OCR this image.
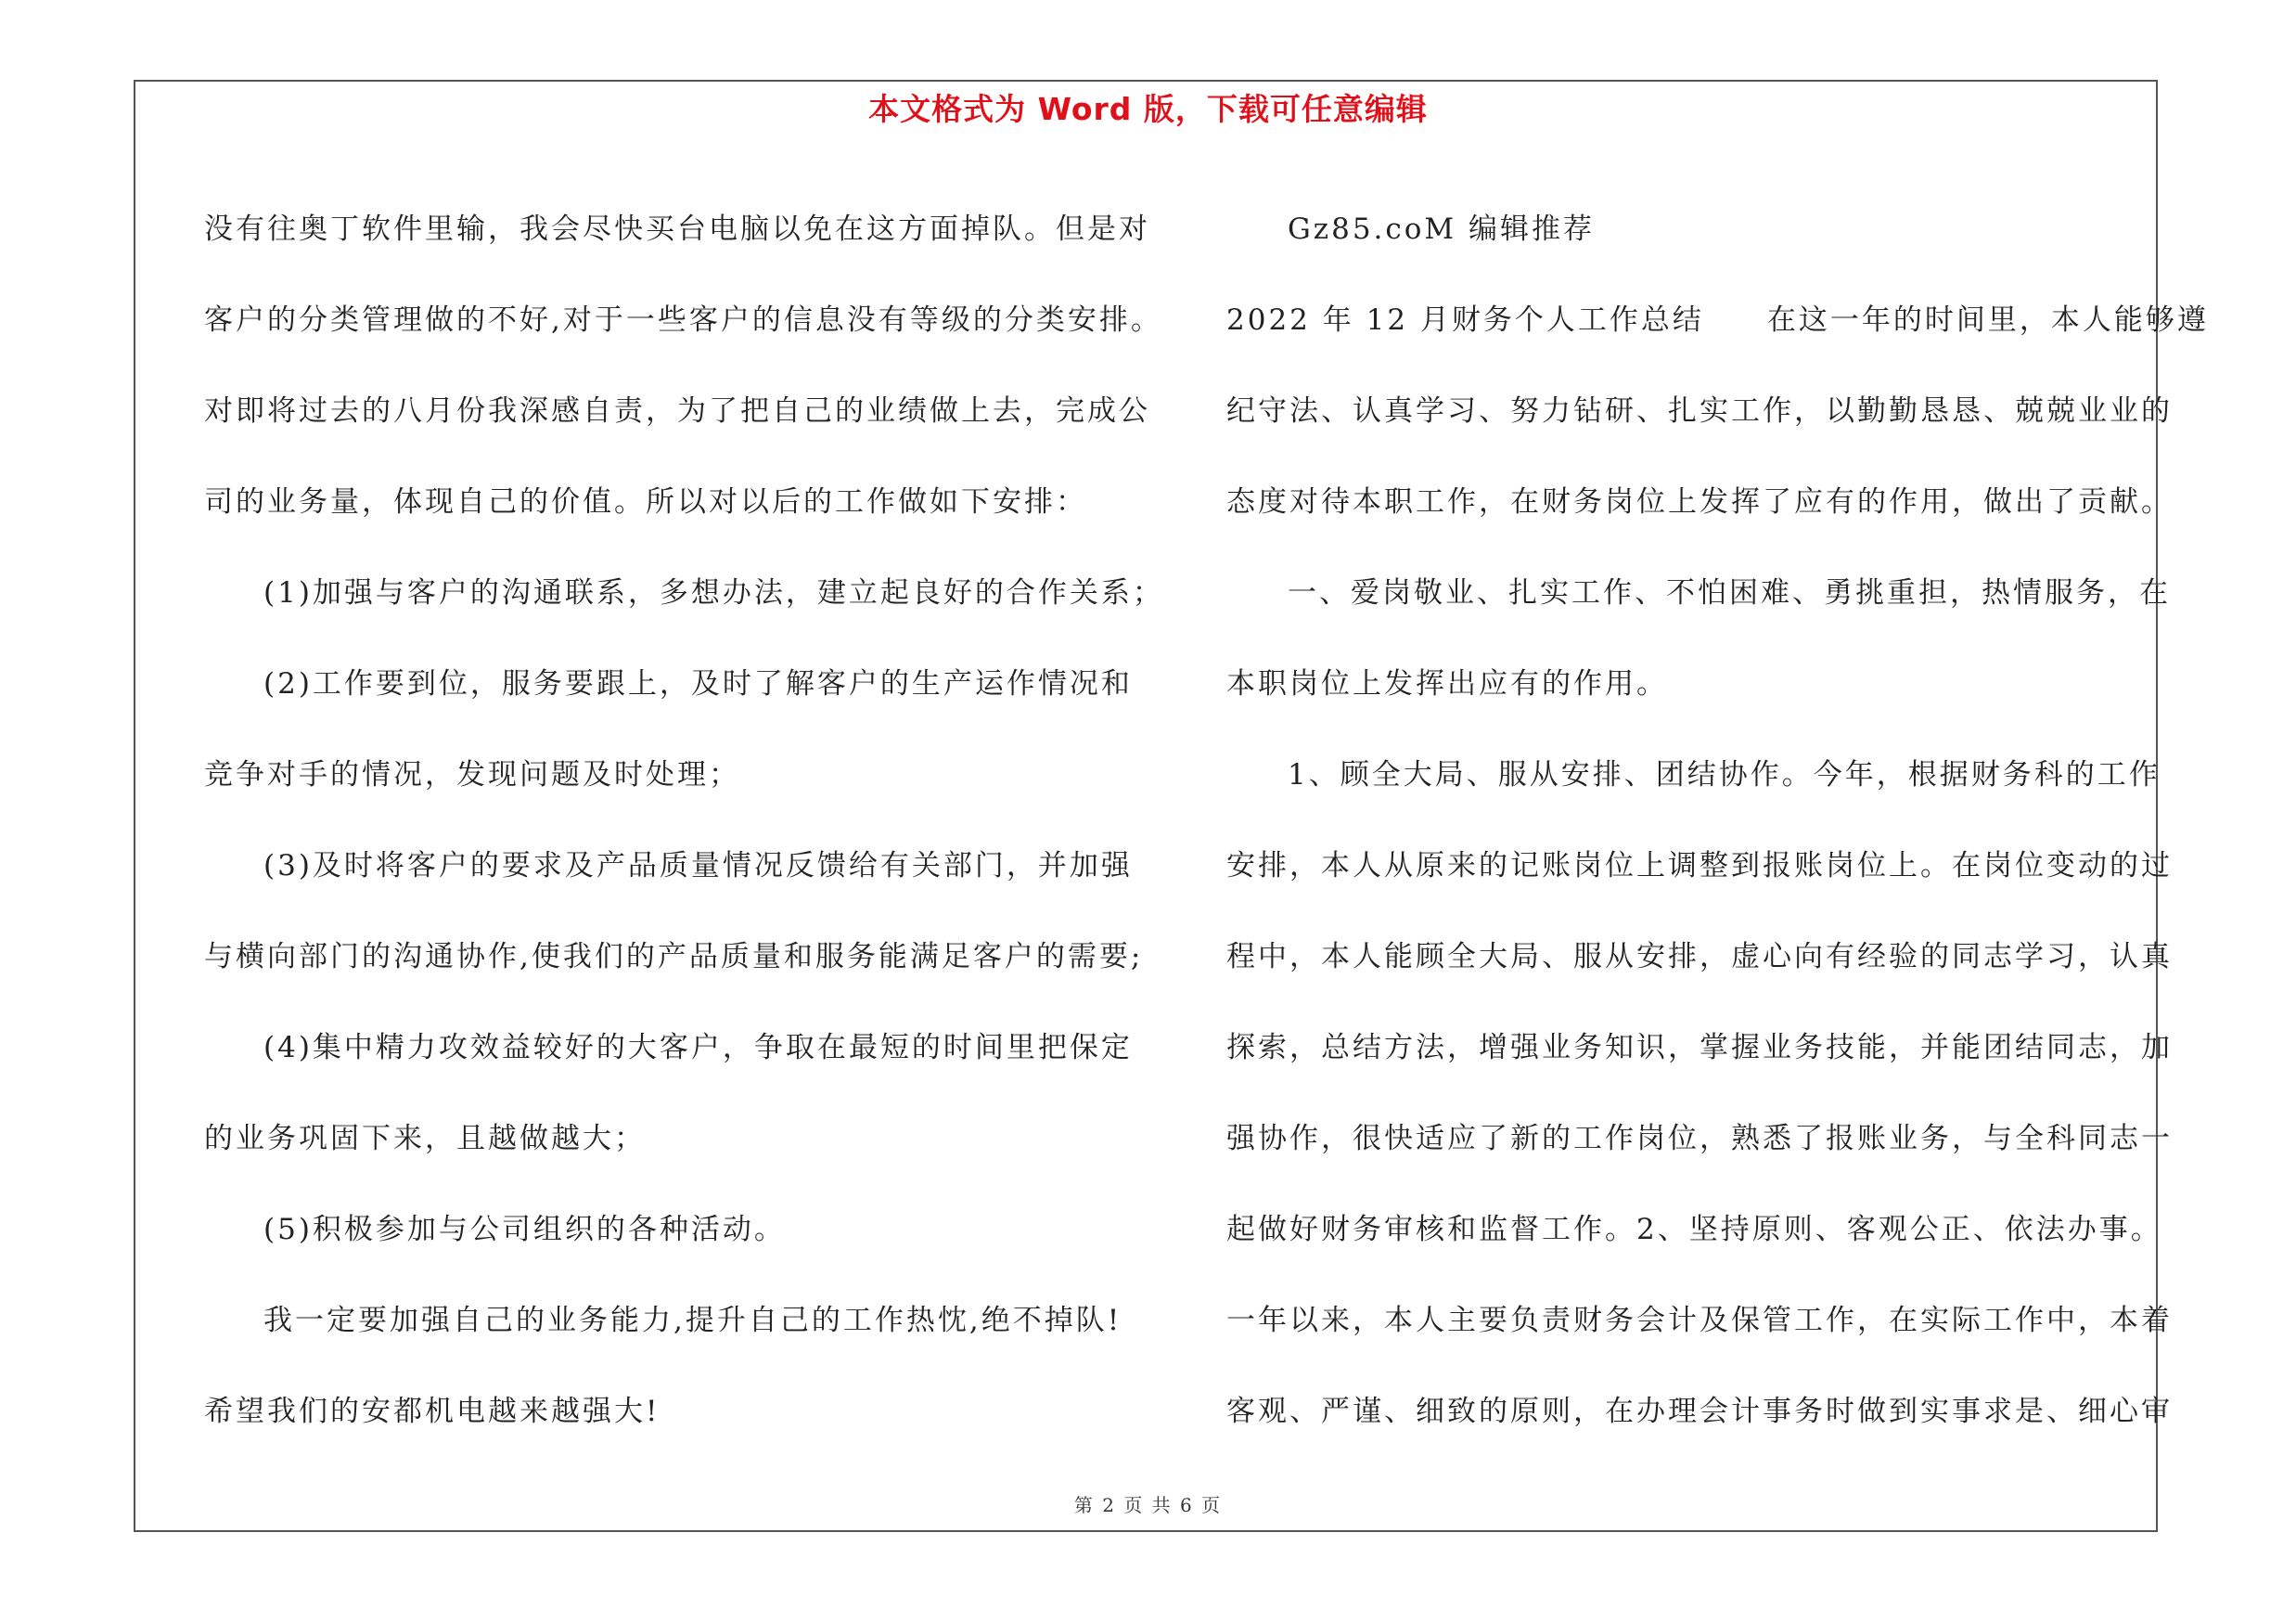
本文格式为 Word 版，下载可任意编辑
没有往奥丁软件里输，我会尽快买台电脑以免在这方面掉队。但是对
客户的分类管理做的不好,对于一些客户的信息没有等级的分类安排。
对即将过去的八月份我深感自责，为了把自己的业绩做上去，完成公
司的业务量，体现自己的价值。所以对以后的工作做如下安排：
(1)加强与客户的沟通联系，多想办法，建立起良好的合作关系；
(2)工作要到位，服务要跟上，及时了解客户的生产运作情况和
竞争对手的情况，发现问题及时处理；
(3)及时将客户的要求及产品质量情况反馈给有关部门，并加强
与横向部门的沟通协作,使我们的产品质量和服务能满足客户的需要;
(4)集中精力攻效益较好的大客户，争取在最短的时间里把保定
的业务巩固下来，且越做越大；
(5)积极参加与公司组织的各种活动。
我一定要加强自己的业务能力,提升自己的工作热忱,绝不掉队!
希望我们的安都机电越来越强大!
Gz85.coM 编辑推荐
2022 年 12 月财务个人工作总结　　在这一年的时间里，本人能够遵
纪守法、认真学习、努力钻研、扎实工作，以勤勤恳恳、兢兢业业的
态度对待本职工作，在财务岗位上发挥了应有的作用，做出了贡献。
一、爱岗敬业、扎实工作、不怕困难、勇挑重担，热情服务，在
本职岗位上发挥出应有的作用。
1、顾全大局、服从安排、团结协作。今年，根据财务科的工作
安排，本人从原来的记账岗位上调整到报账岗位上。在岗位变动的过
程中，本人能顾全大局、服从安排，虚心向有经验的同志学习，认真
探索，总结方法，增强业务知识，掌握业务技能，并能团结同志，加
强协作，很快适应了新的工作岗位，熟悉了报账业务，与全科同志一
起做好财务审核和监督工作。2、坚持原则、客观公正、依法办事。
一年以来，本人主要负责财务会计及保管工作，在实际工作中，本着
客观、严谨、细致的原则，在办理会计事务时做到实事求是、细心审
第 2 页 共 6 页
